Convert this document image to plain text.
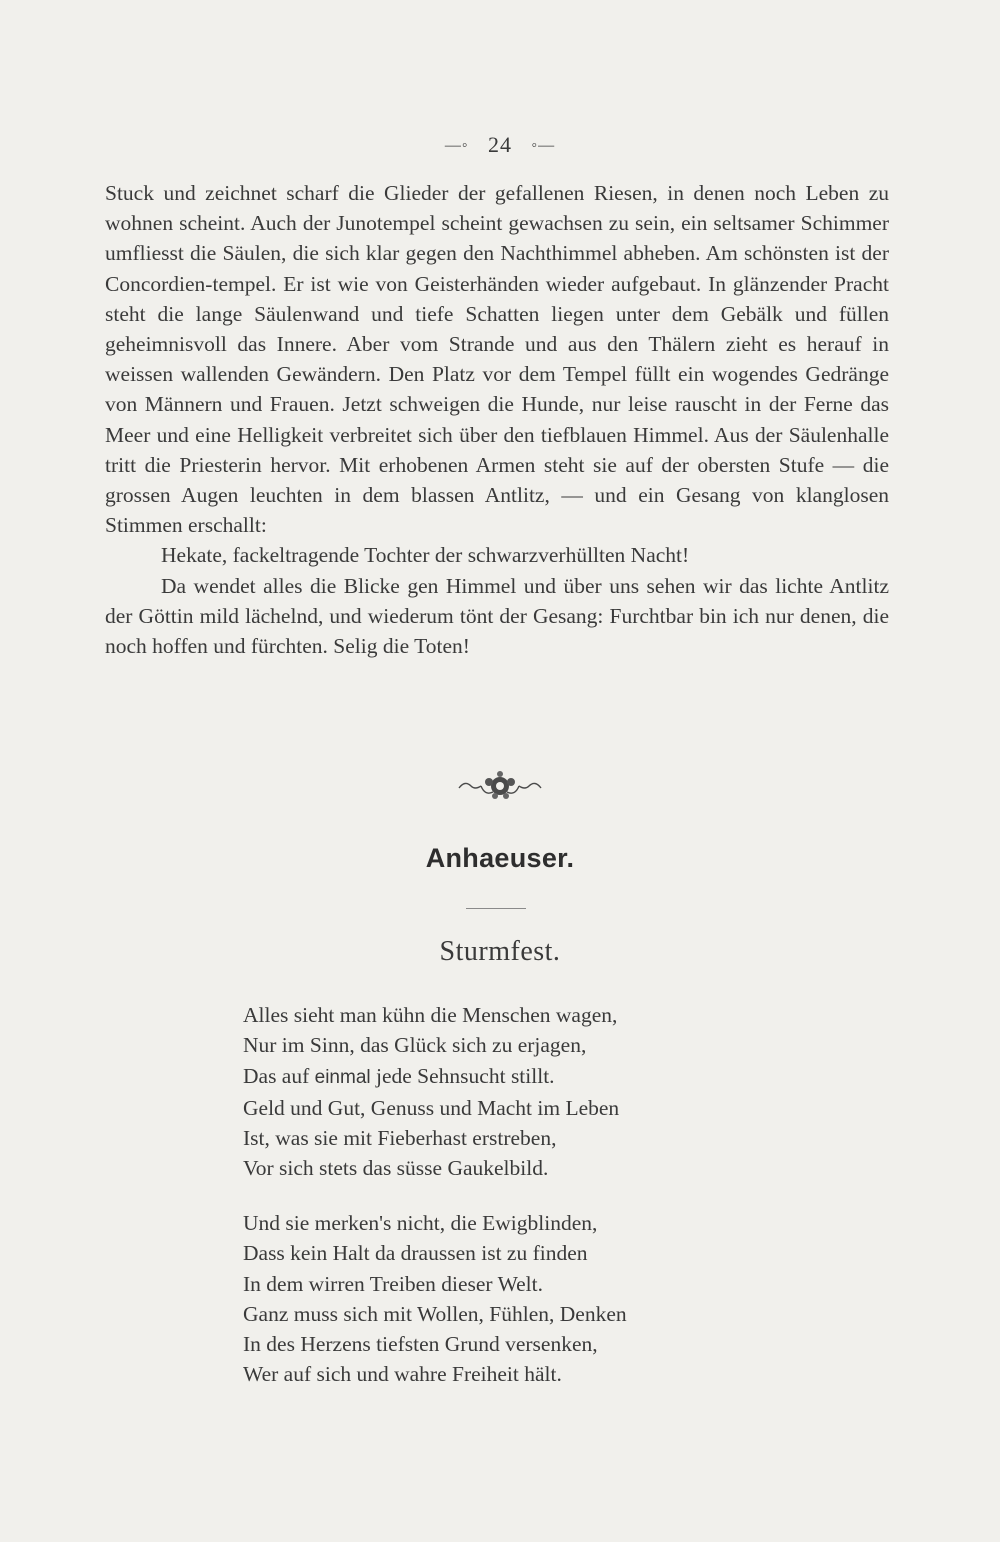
—◦ 24 ◦—

Stuck und zeichnet scharf die Glieder der gefallenen Riesen, in denen noch Leben zu wohnen scheint. Auch der Junotempel scheint gewachsen zu sein, ein seltsamer Schimmer umfliesst die Säulen, die sich klar gegen den Nachthimmel abheben. Am schönsten ist der Concordien-tempel. Er ist wie von Geisterhänden wieder aufgebaut. In glänzender Pracht steht die lange Säulenwand und tiefe Schatten liegen unter dem Gebälk und füllen geheimnisvoll das Innere. Aber vom Strande und aus den Thälern zieht es herauf in weissen wallenden Gewändern. Den Platz vor dem Tempel füllt ein wogendes Gedränge von Männern und Frauen. Jetzt schweigen die Hunde, nur leise rauscht in der Ferne das Meer und eine Helligkeit verbreitet sich über den tiefblauen Himmel. Aus der Säulenhalle tritt die Priesterin hervor. Mit erhobenen Armen steht sie auf der obersten Stufe — die grossen Augen leuchten in dem blassen Antlitz, — und ein Gesang von klanglosen Stimmen erschallt:

Hekate, fackeltragende Tochter der schwarzverhüllten Nacht!

Da wendet alles die Blicke gen Himmel und über uns sehen wir das lichte Antlitz der Göttin mild lächelnd, und wiederum tönt der Gesang: Furchtbar bin ich nur denen, die noch hoffen und fürchten. Selig die Toten!

Anhaeuser.
Sturmfest.
Alles sieht man kühn die Menschen wagen,
Nur im Sinn, das Glück sich zu erjagen,
Das auf einmal jede Sehnsucht stillt.
Geld und Gut, Genuss und Macht im Leben
Ist, was sie mit Fieberhast erstreben,
Vor sich stets das süsse Gaukelbild.
Und sie merken's nicht, die Ewigblinden,
Dass kein Halt da draussen ist zu finden
In dem wirren Treiben dieser Welt.
Ganz muss sich mit Wollen, Fühlen, Denken
In des Herzens tiefsten Grund versenken,
Wer auf sich und wahre Freiheit hält.
